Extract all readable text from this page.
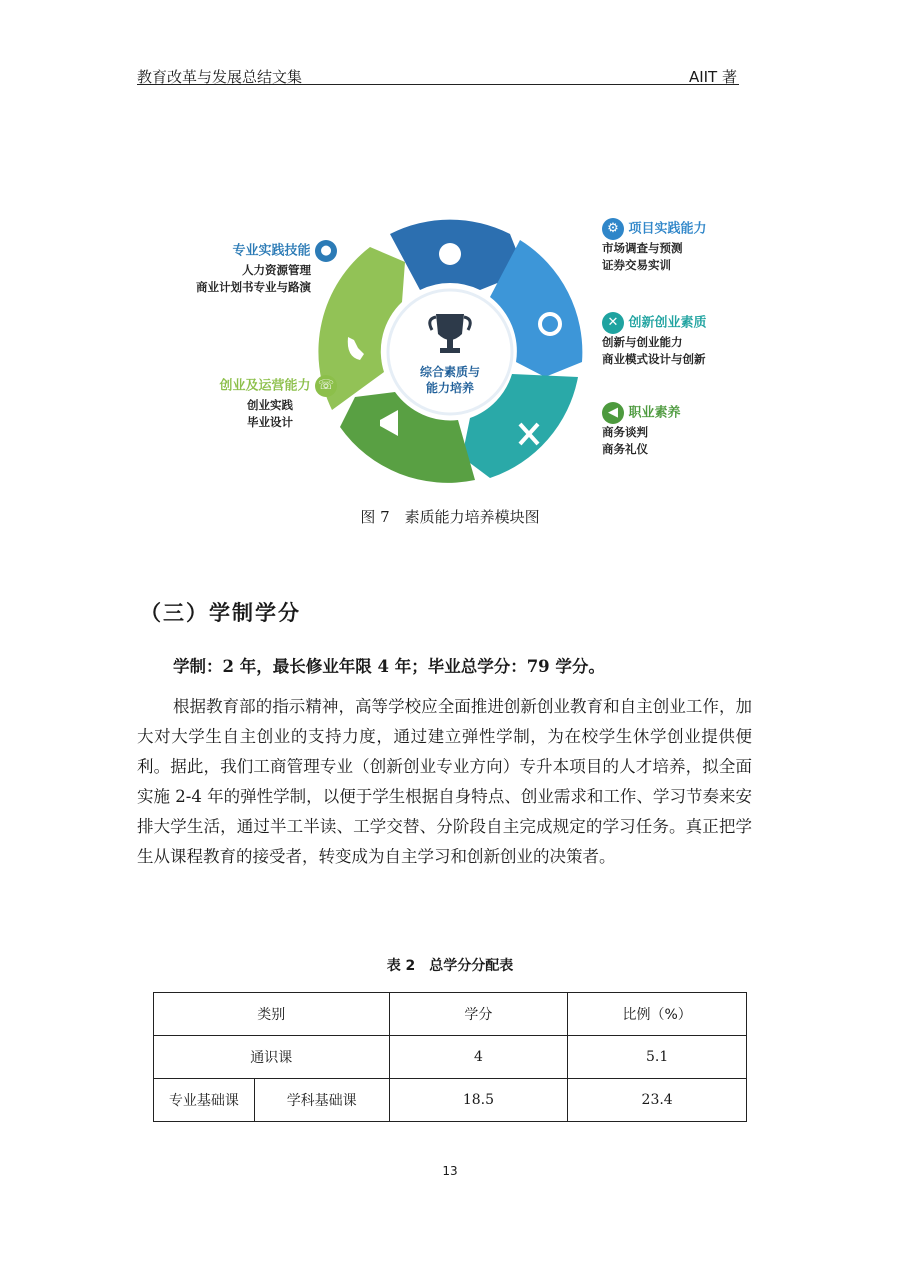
教育改革与发展总结文集	AIIT 著
综合素质与
能力培养
专业实践技能 ●
人力资源管理
商业计划书专业与路演
创业及运营能力 ☏
创业实践
毕业设计
⚙ 项目实践能力
市场调查与预测
证券交易实训
✕ 创新创业素质
创新与创业能力
商业模式设计与创新
◀ 职业素养
商务谈判
商务礼仪
图 7　素质能力培养模块图
（三）学制学分
学制：2 年，最长修业年限 4 年；毕业总学分：79 学分。
根据教育部的指示精神，高等学校应全面推进创新创业教育和自主创业工作，加大对大学生自主创业的支持力度，通过建立弹性学制，为在校学生休学创业提供便利。据此，我们工商管理专业（创新创业专业方向）专升本项目的人才培养，拟全面实施 2-4 年的弹性学制，以便于学生根据自身特点、创业需求和工作、学习节奏来安排大学生活，通过半工半读、工学交替、分阶段自主完成规定的学习任务。真正把学生从课程教育的接受者，转变成为自主学习和创新创业的决策者。
表 2　总学分分配表
类别		学分	比例（%）
通识课		4	5.1
专业基础课	学科基础课	18.5	23.4
13
